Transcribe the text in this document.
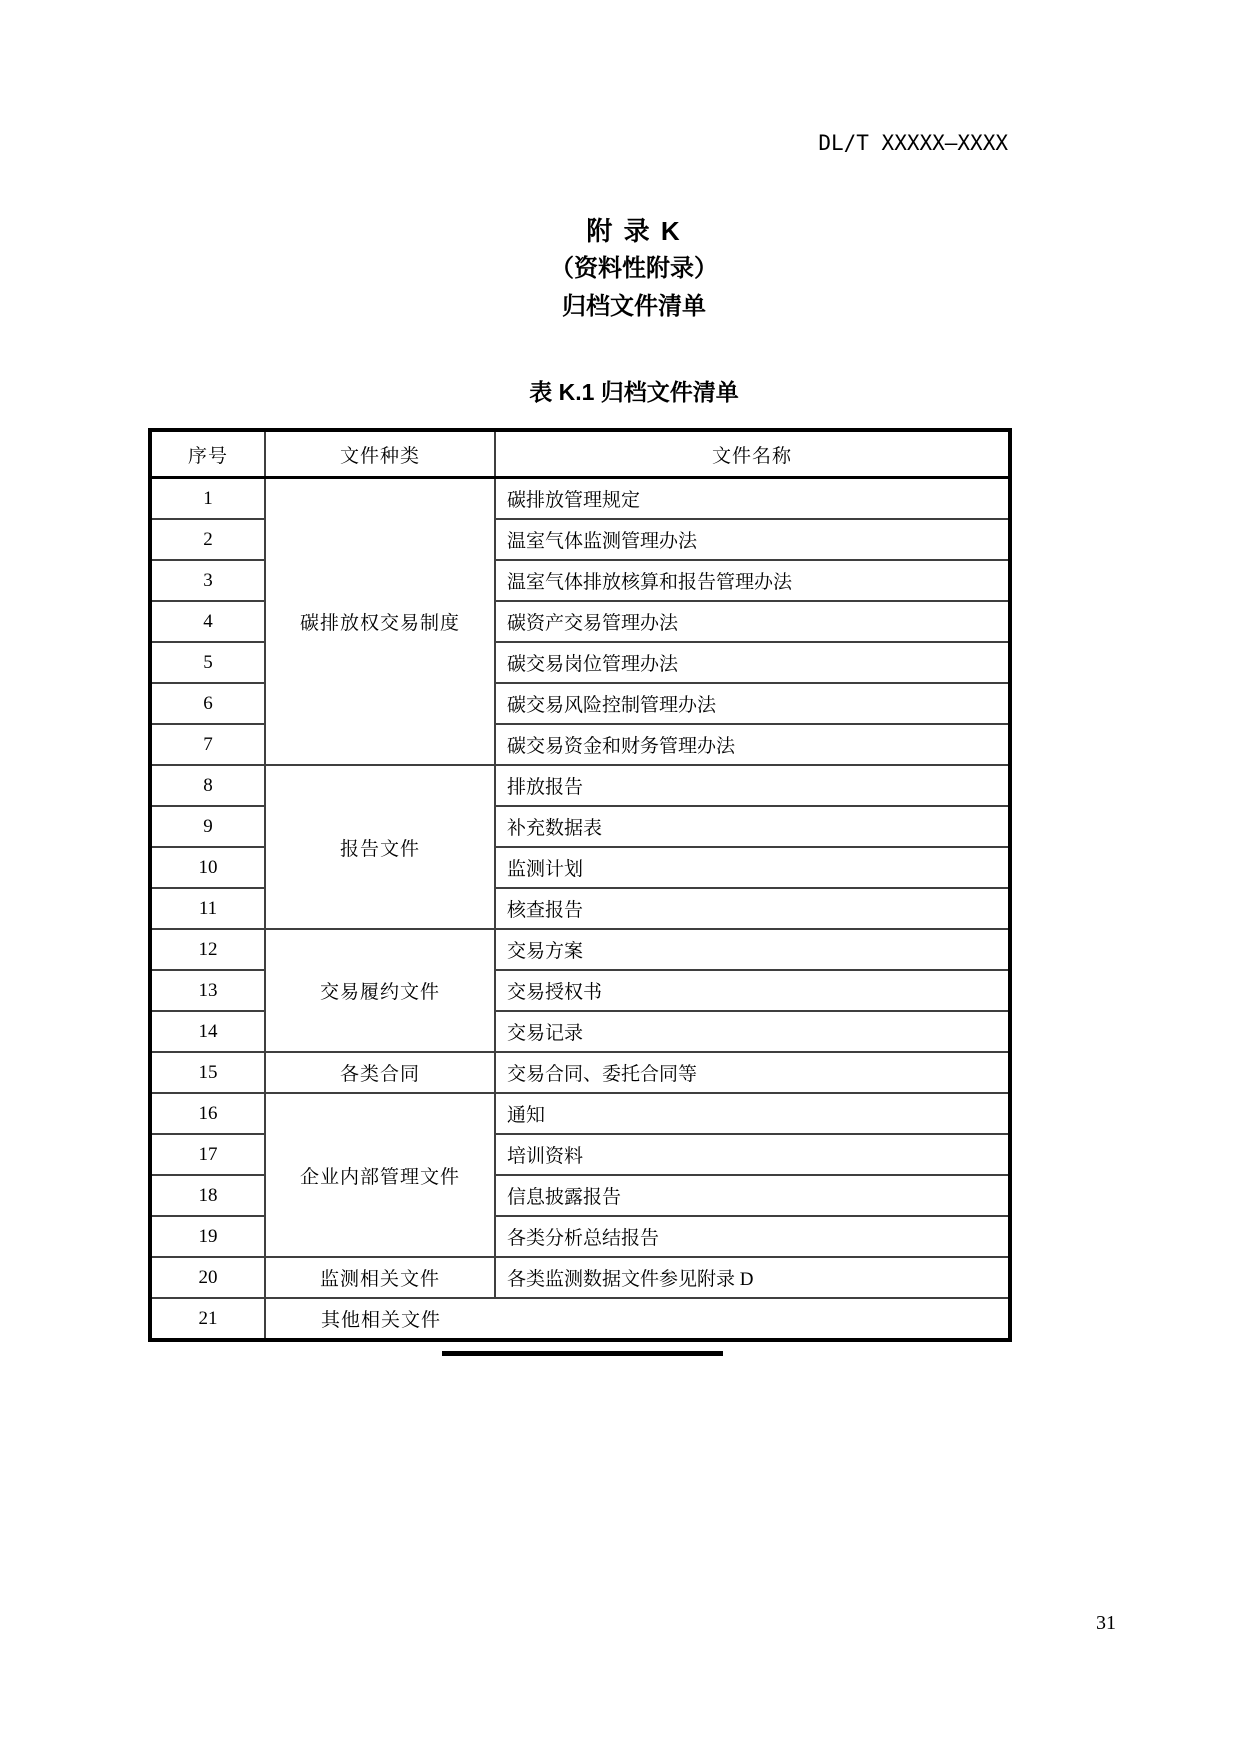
DL/T XXXXX—XXXX
附 录 K
（资料性附录）
归档文件清单
表 K.1 归档文件清单
序号	文件种类	文件名称
1	碳排放权交易制度	碳排放管理规定
2		温室气体监测管理办法
3		温室气体排放核算和报告管理办法
4		碳资产交易管理办法
5		碳交易岗位管理办法
6		碳交易风险控制管理办法
7		碳交易资金和财务管理办法
8	报告文件	排放报告
9		补充数据表
10		监测计划
11		核查报告
12	交易履约文件	交易方案
13		交易授权书
14		交易记录
15	各类合同	交易合同、委托合同等
16	企业内部管理文件	通知
17		培训资料
18		信息披露报告
19		各类分析总结报告
20	监测相关文件	各类监测数据文件参见附录 D
21	其他相关文件	
31
